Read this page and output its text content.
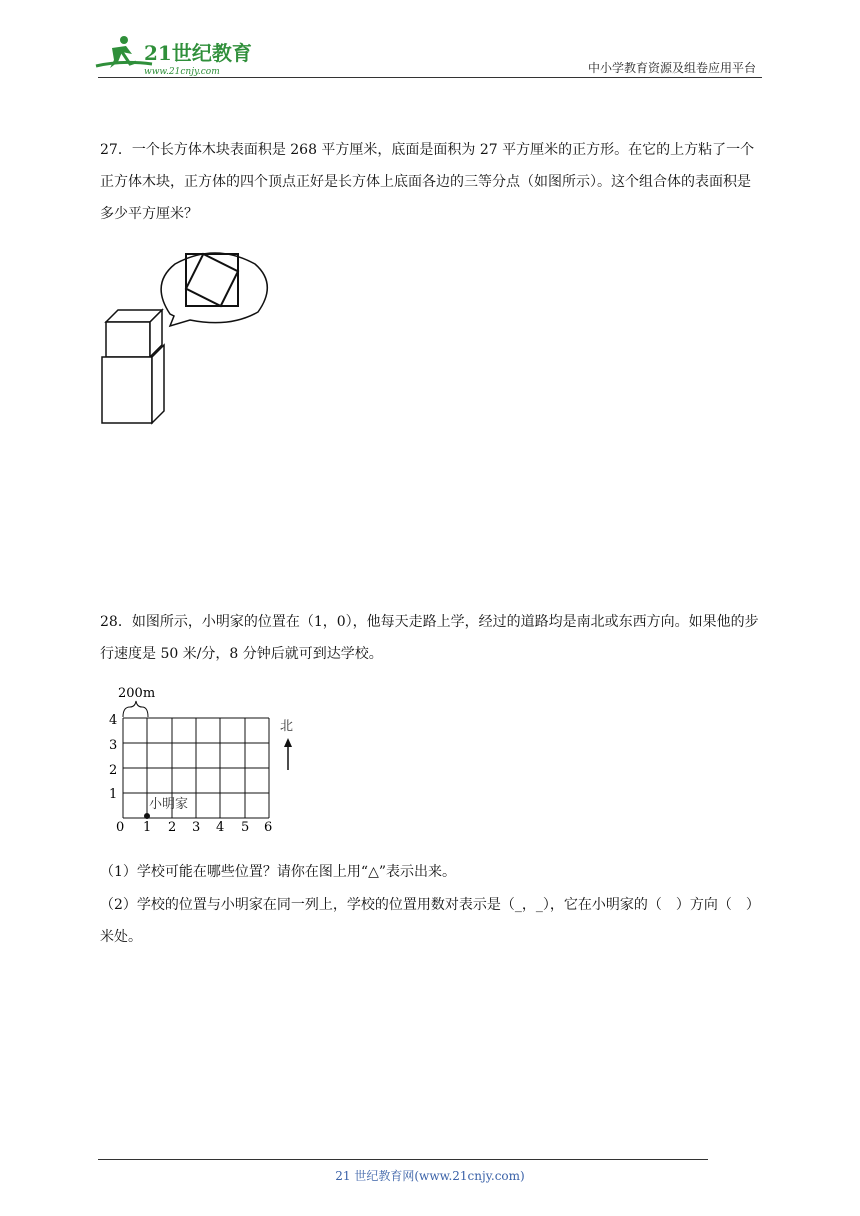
21世纪教育
www.21cnjy.com	中小学教育资源及组卷应用平台
27．一个长方体木块表面积是 268 平方厘米，底面是面积为 27 平方厘米的正方形。在它的上方粘了一个正方体木块，正方体的四个顶点正好是长方体上底面各边的三等分点（如图所示）。这个组合体的表面积是多少平方厘米？
28．如图所示，小明家的位置在（1，0），他每天走路上学，经过的道路均是南北或东西方向。如果他的步行速度是 50 米/分，8 分钟后就可到达学校。
200m
0 1 2 3 4 5 6
1
2
3
4
小明家
北
（1）学校可能在哪些位置？请你在图上用“△”表示出来。
（2）学校的位置与小明家在同一列上，学校的位置用数对表示是（_，_），它在小明家的（　）方向（　）米处。
21 世纪教育网(www.21cnjy.com)
